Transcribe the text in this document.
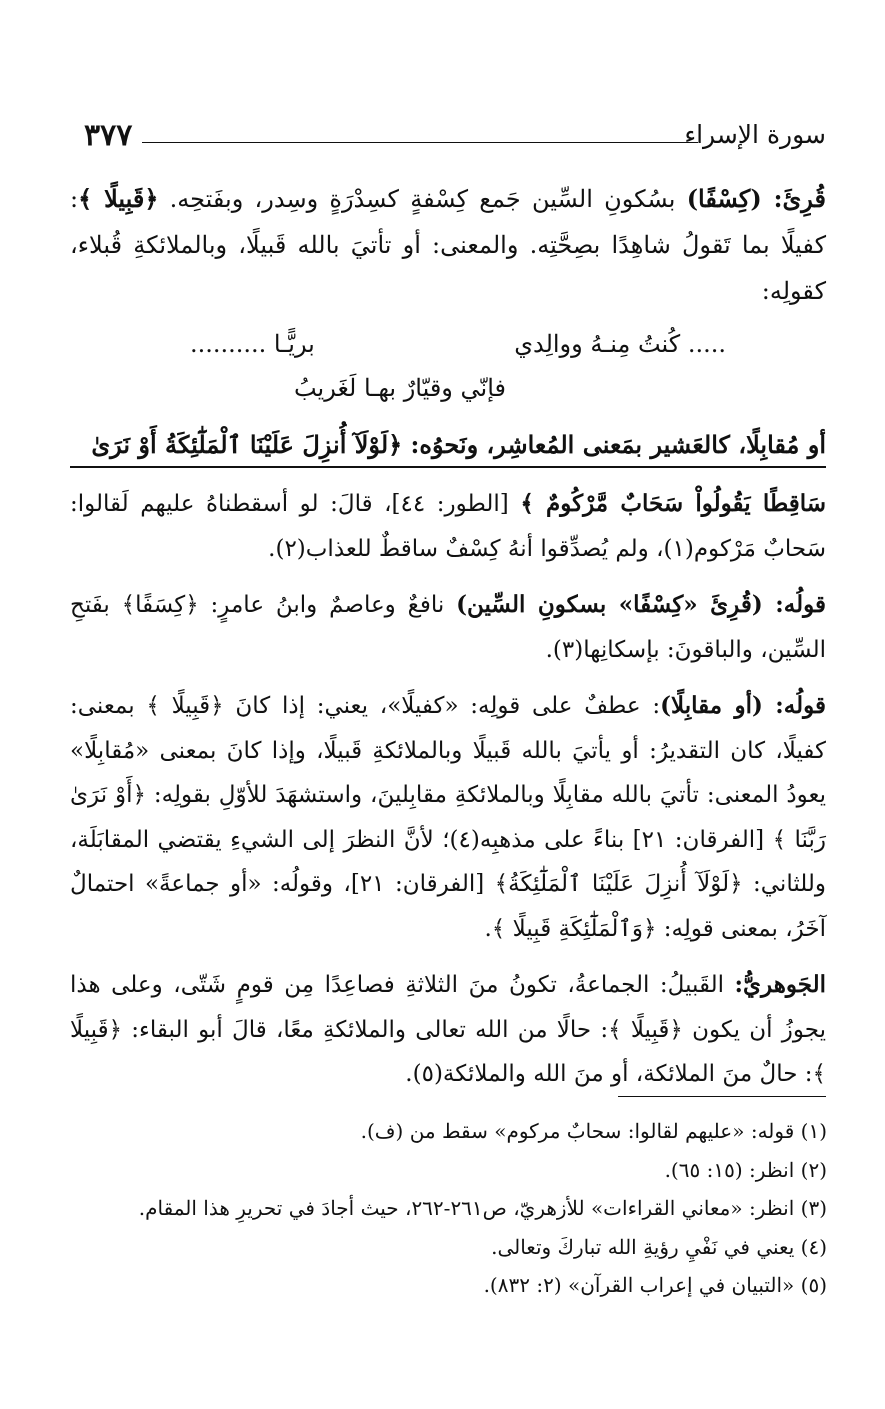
سورة الإسراء
٣٧٧

قُرِئَ: (كِسْفًا) بسُكونِ السِّين جَمع كِسْفةٍ كسِدْرَةٍ وسِدر، وبفَتحِه. ﴿قَبِيلًا ﴾: كفيلًا بما تَقولُ شاهِدًا بصِحَّتِه. والمعنى: أو تأتيَ بالله قَبيلًا، وبالملائكةِ قُبلاء، كقولِه:

..... كُنتُ مِنـهُ ووالِدي
بريًّـا ..........
فإنّي وقيّارٌ بهـا لَغَريبُ

أو مُقابِلًا، كالعَشير بمَعنى المُعاشِر، ونَحوُه: ﴿لَوْلَآ أُنزِلَ عَلَيْنَا ٱلْمَلَٰٓئِكَةُ أَوْ نَرَىٰ

سَاقِطًا يَقُولُواْ سَحَابٌ مَّرْكُومٌ ﴾ [الطور: ٤٤]، قالَ: لو أسقطناهُ عليهم لَقالوا: سَحابٌ مَرْكوم(١)، ولم يُصدِّقوا أنهُ كِسْفٌ ساقطٌ للعذاب(٢).

قولُه: (قُرِئَ «كِسْفًا» بسكونِ السِّين) نافعٌ وعاصمٌ وابنُ عامرٍ: ﴿كِسَفًا﴾ بفَتحِ السِّين، والباقونَ: بإسكانِها(٣).

قولُه: (أو مقابِلًا): عطفٌ على قولِه: «كفيلًا»، يعني: إذا كانَ ﴿قَبِيلًا ﴾ بمعنى: كفيلًا، كان التقديرُ: أو يأتيَ بالله قَبيلًا وبالملائكةِ قَبيلًا، وإذا كانَ بمعنى «مُقابِلًا» يعودُ المعنى: تأتيَ بالله مقابِلًا وبالملائكةِ مقابِلينَ، واستشهَدَ للأوّلِ بقولِه: ﴿أَوْ نَرَىٰ رَبَّنَا ﴾ [الفرقان: ٢١] بناءً على مذهبِه(٤)؛ لأنَّ النظرَ إلى الشيءِ يقتضي المقابَلَة، وللثاني: ﴿لَوْلَآ أُنزِلَ عَلَيْنَا ٱلْمَلَٰٓئِكَةُ﴾ [الفرقان: ٢١]، وقولُه: «أو جماعةً» احتمالٌ آخَرُ، بمعنى قولِه: ﴿وَٱلْمَلَٰٓئِكَةِ قَبِيلًا ﴾.

الجَوهريُّ: القَبيلُ: الجماعةُ، تكونُ منَ الثلاثةِ فصاعِدًا مِن قومٍ شَتّى، وعلى هذا يجوزُ أن يكون ﴿قَبِيلًا ﴾: حالًا من الله تعالى والملائكةِ معًا، قالَ أبو البقاء: ﴿قَبِيلًا ﴾: حالٌ منَ الملائكة، أو منَ الله والملائكة(٥).

(١) قوله: «عليهم لقالوا: سحابٌ مركوم» سقط من (ف).

(٢) انظر: (١٥: ٦٥).

(٣) انظر: «معاني القراءات» للأزهريّ، ص٢٦١-٢٦٢، حيث أجادَ في تحريرِ هذا المقام.

(٤) يعني في نَفْيِ رؤيةِ الله تباركَ وتعالى.

(٥) «التبيان في إعراب القرآن» (٢: ٨٣٢).
